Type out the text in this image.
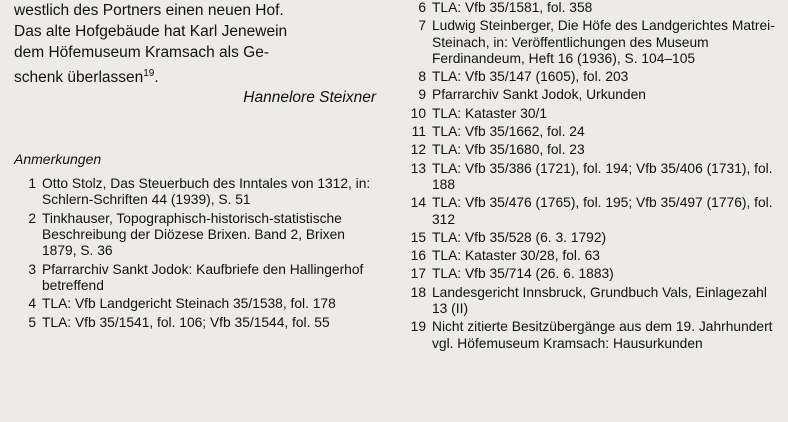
westlich des Portners einen neuen Hof.
Das alte Hofgebäude hat Karl Jenewein
dem Höfemuseum Kramsach als Ge-
schenk überlassen$^{19}$.

Hannelore Steixner

Anmerkungen

1 Otto Stolz, Das Steuerbuch des Inntales von 1312, in: Schlern-Schriften 44 (1939), S. 51
2 Tinkhauser, Topographisch-historisch-statistische Beschreibung der Diözese Brixen. Band 2, Brixen 1879, S. 36
3 Pfarrarchiv Sankt Jodok: Kaufbriefe den Hallingerhof betreffend
4 TLA: Vfb Landgericht Steinach 35/1538, fol. 178
5 TLA: Vfb 35/1541, fol. 106; Vfb 35/1544, fol. 55
6 TLA: Vfb 35/1581, fol. 358
7 Ludwig Steinberger, Die Höfe des Landgerichtes Matrei-Steinach, in: Veröffentlichungen des Museum Ferdinandeum, Heft 16 (1936), S. 104–105
8 TLA: Vfb 35/147 (1605), fol. 203
9 Pfarrarchiv Sankt Jodok, Urkunden
10 TLA: Kataster 30/1
11 TLA: Vfb 35/1662, fol. 24
12 TLA: Vfb 35/1680, fol. 23
13 TLA: Vfb 35/386 (1721), fol. 194; Vfb 35/406 (1731), fol. 188
14 TLA: Vfb 35/476 (1765), fol. 195; Vfb 35/497 (1776), fol. 312
15 TLA: Vfb 35/528 (6. 3. 1792)
16 TLA: Kataster 30/28, fol. 63
17 TLA: Vfb 35/714 (26. 6. 1883)
18 Landesgericht Innsbruck, Grundbuch Vals, Einlagezahl 13 (II)
19 Nicht zitierte Besitzübergänge aus dem 19. Jahrhundert vgl. Höfemuseum Kramsach: Hausurkunden
